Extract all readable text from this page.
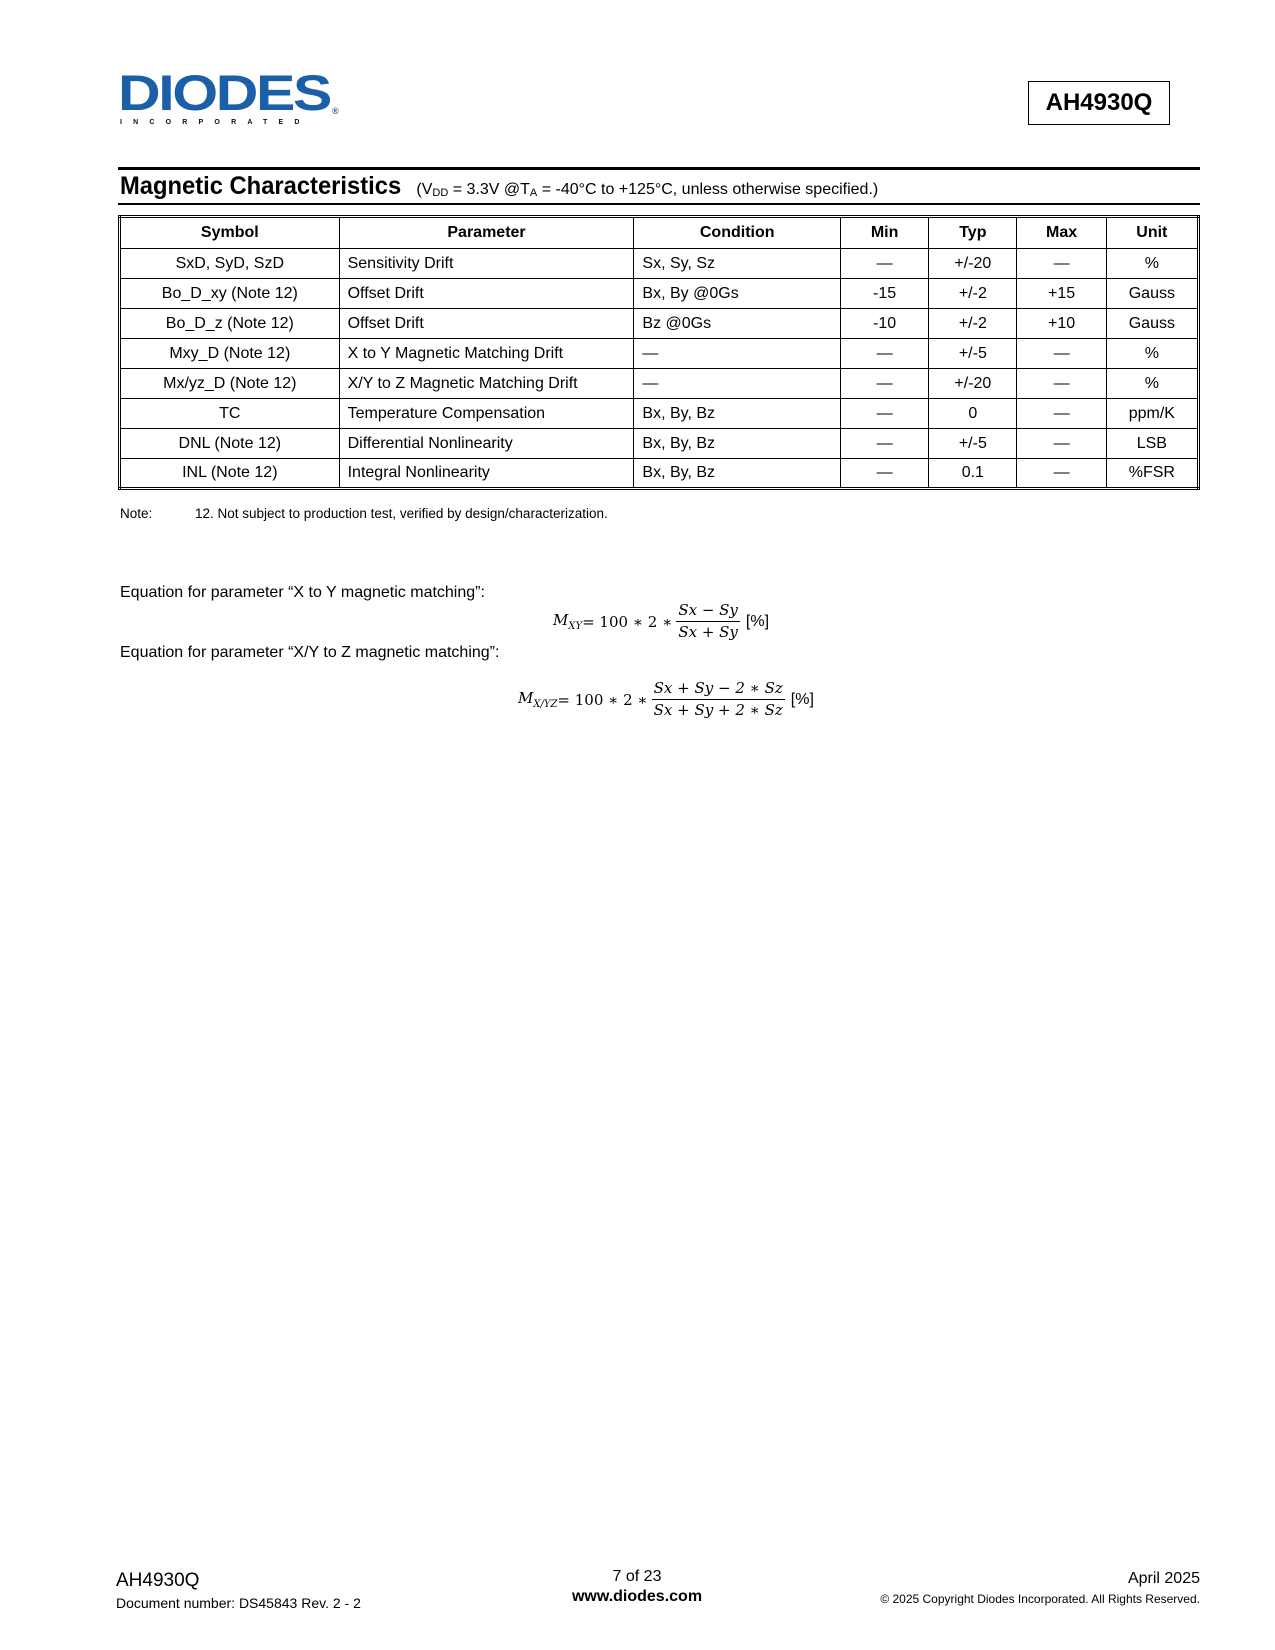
DIODES ®
INCORPORATED
AH4930Q
Magnetic Characteristics ($V_{DD} = 3.3V$ $@T_A = -40^\circ C$ to +125°C, unless otherwise specified.)
Symbol	Parameter	Condition	Min	Typ	Max	Unit
SxD, SyD, SzD	Sensitivity Drift	Sx, Sy, Sz	—	+/-20	—	%
Bo_D_xy (Note 12)	Offset Drift	Bx, By @0Gs	-15	+/-2	+15	Gauss
Bo_D_z (Note 12)	Offset Drift	Bz @0Gs	-10	+/-2	+10	Gauss
Mxy_D (Note 12)	X to Y Magnetic Matching Drift	—	—	+/-5	—	%
Mx/yz_D (Note 12)	X/Y to Z Magnetic Matching Drift	—	—	+/-20	—	%
TC	Temperature Compensation	Bx, By, Bz	—	0	—	ppm/K
DNL (Note 12)	Differential Nonlinearity	Bx, By, Bz	—	+/-5	—	LSB
INL (Note 12)	Integral Nonlinearity	Bx, By, Bz	—	0.1	—	%FSR
Note:	12. Not subject to production test, verified by design/characterization.
Equation for parameter “X to Y magnetic matching”:
$M_{XY} = 100$ ∗ 2 ∗ $\frac{Sx - Sy}{Sx + Sy}$ [%]
Equation for parameter “X/Y to Z magnetic matching”:
$M_{X/YZ} = 100$ ∗ 2 ∗ $\frac{Sx + Sy - 2 ∗ Sz}{Sx + Sy + 2 ∗ Sz}$ [%]
AH4930Q
Document number: DS45843 Rev. 2 - 2
7 of 23
www.diodes.com
April 2025
© 2025 Copyright Diodes Incorporated. All Rights Reserved.
